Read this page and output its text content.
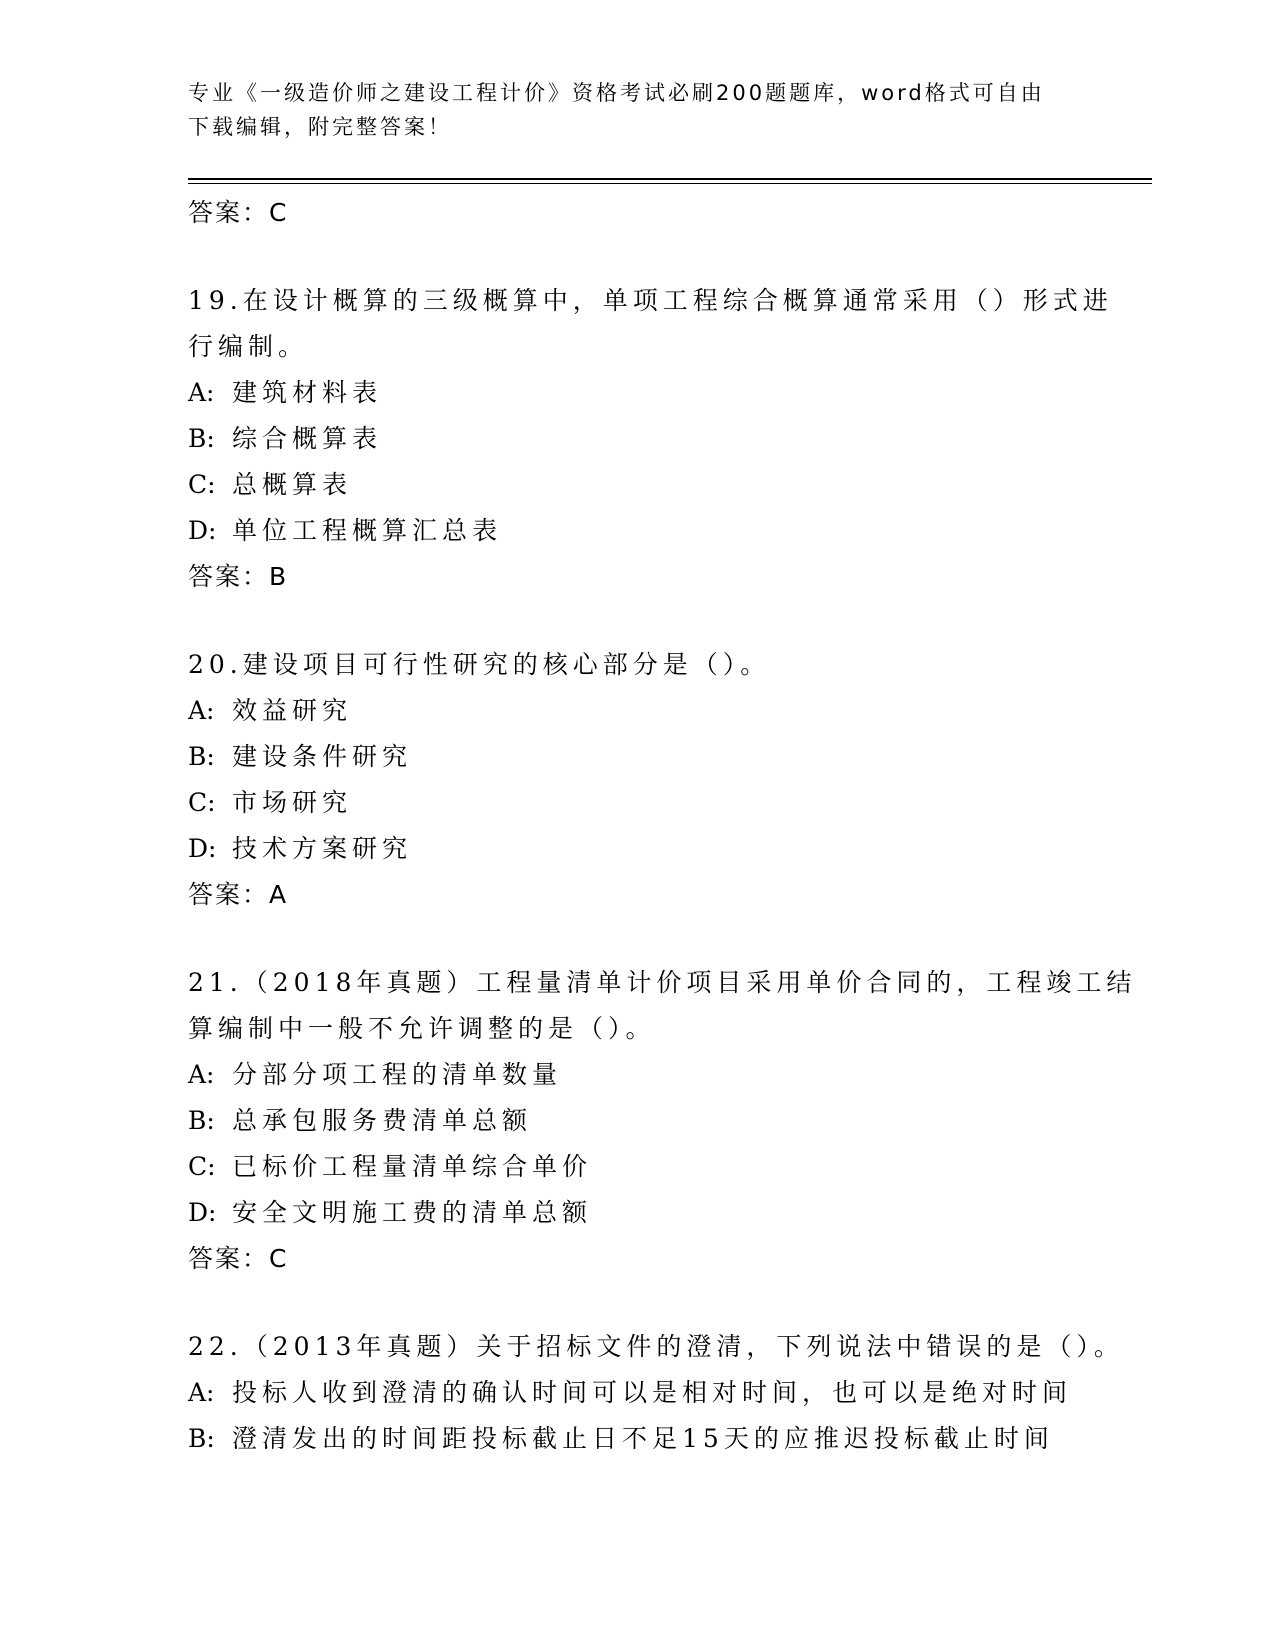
专业《一级造价师之建设工程计价》资格考试必刷200题题库，word格式可自由
下载编辑，附完整答案！
答案：C
19.在设计概算的三级概算中，单项工程综合概算通常采用（）形式进
行编制。
A: 建筑材料表
B: 综合概算表
C: 总概算表
D: 单位工程概算汇总表
答案：B
20.建设项目可行性研究的核心部分是（）。
A: 效益研究
B: 建设条件研究
C: 市场研究
D: 技术方案研究
答案：A
21.（2018年真题）工程量清单计价项目采用单价合同的，工程竣工结
算编制中一般不允许调整的是（）。
A: 分部分项工程的清单数量
B: 总承包服务费清单总额
C: 已标价工程量清单综合单价
D: 安全文明施工费的清单总额
答案：C
22.（2013年真题）关于招标文件的澄清，下列说法中错误的是（）。
A: 投标人收到澄清的确认时间可以是相对时间，也可以是绝对时间
B: 澄清发出的时间距投标截止日不足15天的应推迟投标截止时间
